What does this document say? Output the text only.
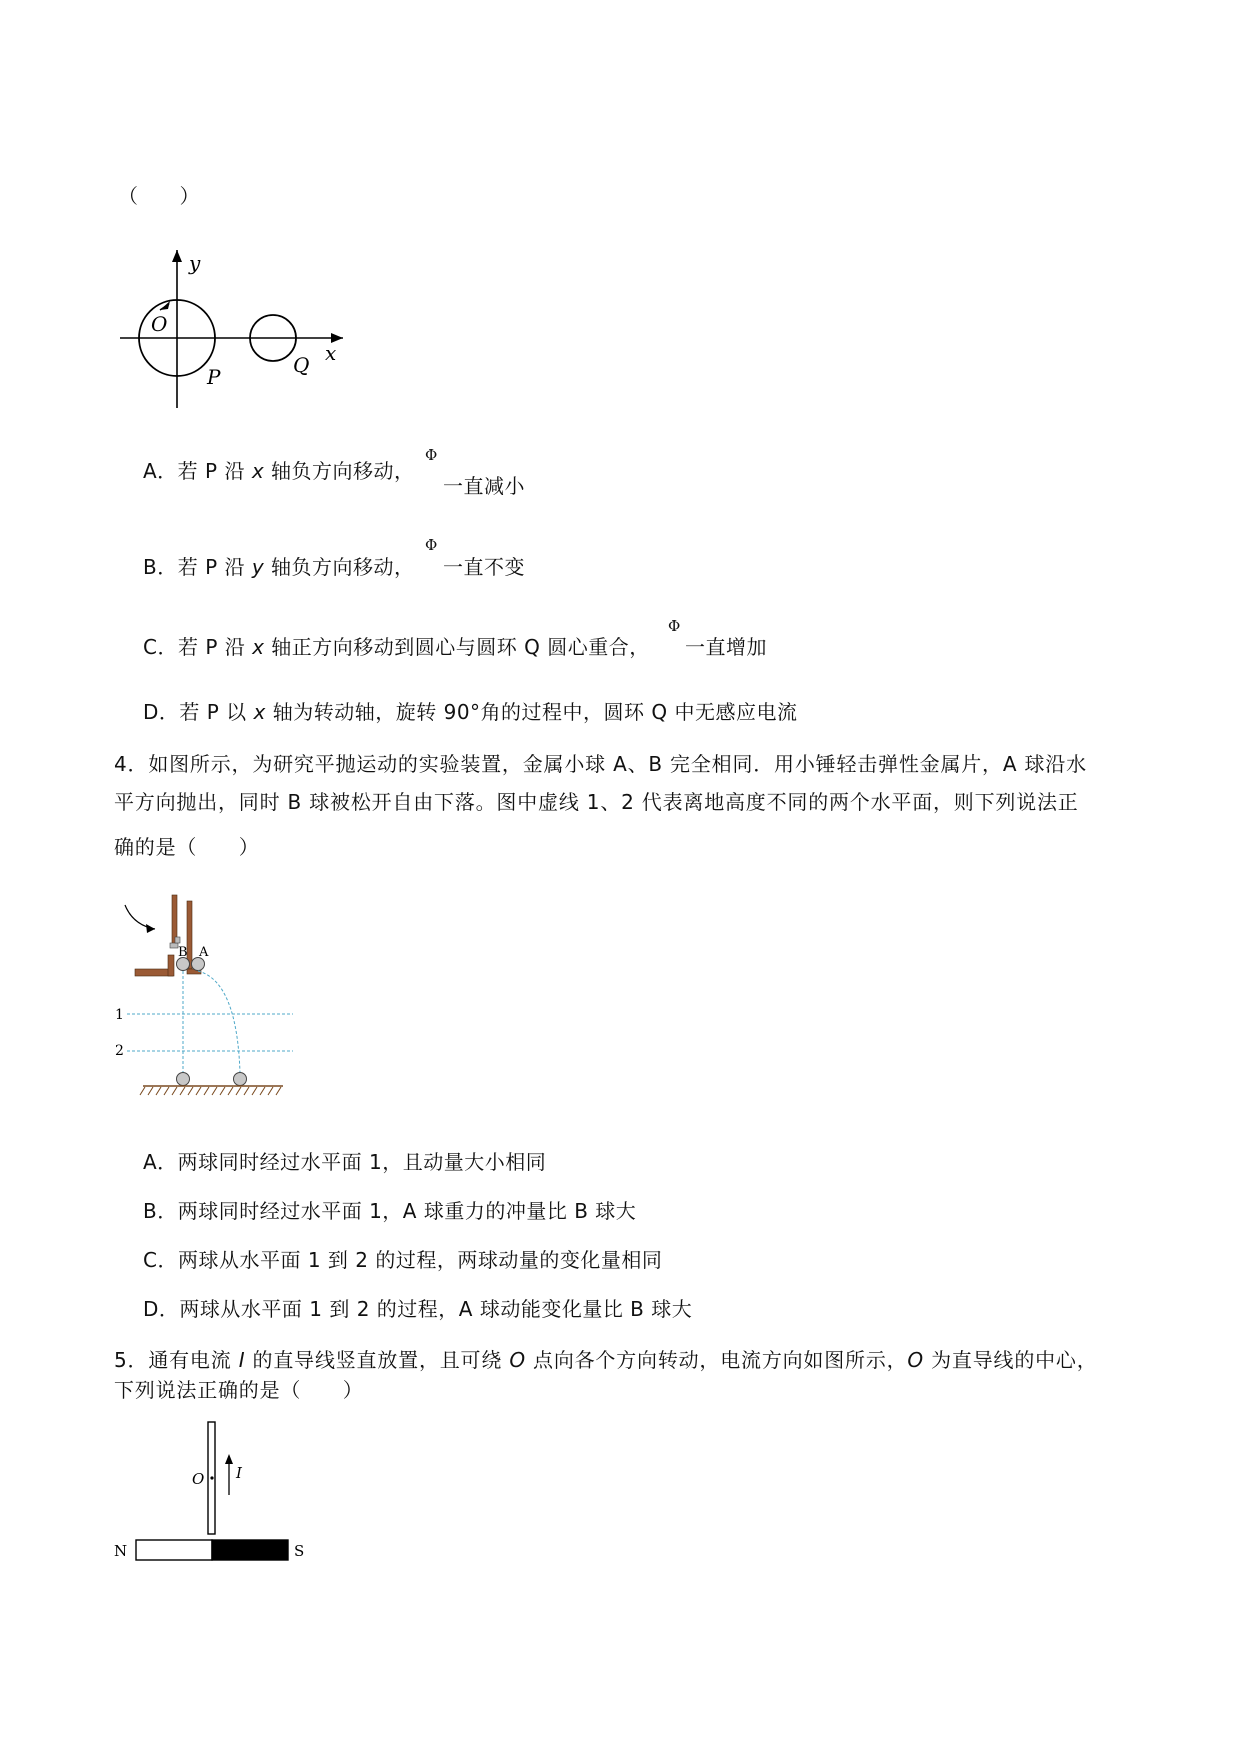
（　　）
y
x
O
P	Q
A．若 P 沿 x 轴负方向移动，
Φ
一直减小
B．若 P 沿 y 轴负方向移动，
Φ
一直不变
C．若 P 沿 x 轴正方向移动到圆心与圆环 Q 圆心重合，
Φ
一直增加
D．若 P 以 x 轴为转动轴，旋转 90°角的过程中，圆环 Q 中无感应电流
4．如图所示，为研究平抛运动的实验装置，金属小球 A、B 完全相同．用小锤轻击弹性金属片，A 球沿水
平方向抛出，同时 B 球被松开自由下落。图中虚线 1、2 代表离地高度不同的两个水平面，则下列说法正
确的是（　　）
B A
1
2
A．两球同时经过水平面 1，且动量大小相同
B．两球同时经过水平面 1，A 球重力的冲量比 B 球大
C．两球从水平面 1 到 2 的过程，两球动量的变化量相同
D．两球从水平面 1 到 2 的过程，A 球动能变化量比 B 球大
5．通有电流 I 的直导线竖直放置，且可绕 O 点向各个方向转动，电流方向如图所示，O 为直导线的中心，
下列说法正确的是（　　）
O I
N	S
